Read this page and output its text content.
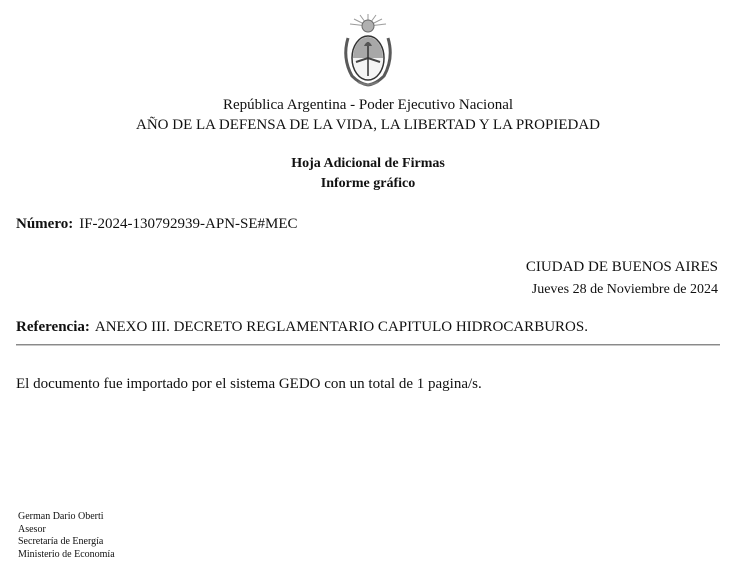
República Argentina - Poder Ejecutivo Nacional
AÑO DE LA DEFENSA DE LA VIDA, LA LIBERTAD Y LA PROPIEDAD
Hoja Adicional de Firmas
Informe gráfico
Número: IF-2024-130792939-APN-SE#MEC
CIUDAD DE BUENOS AIRES
Jueves 28 de Noviembre de 2024
Referencia: ANEXO III. DECRETO REGLAMENTARIO CAPITULO HIDROCARBUROS.
El documento fue importado por el sistema GEDO con un total de 1 pagina/s.
German Dario Oberti
Asesor
Secretaría de Energía
Ministerio de Economía
